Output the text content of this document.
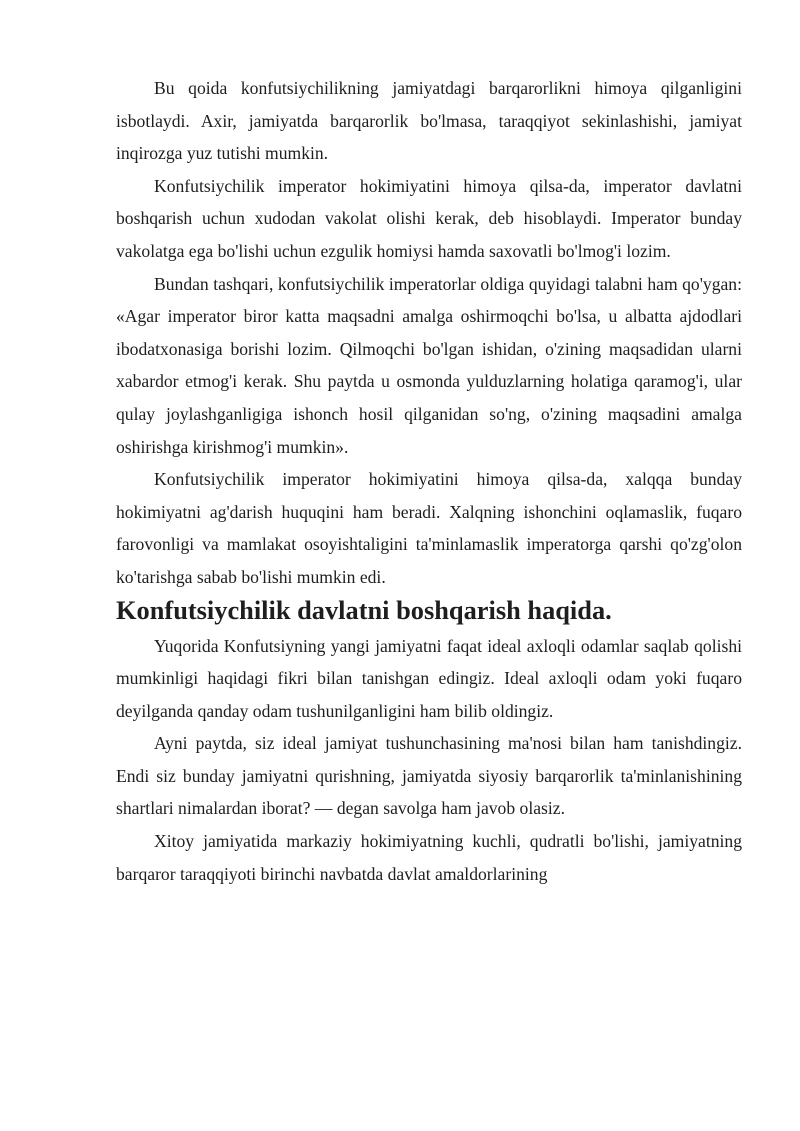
Bu qoida konfutsiychilikning jamiyatdagi barqarorlikni himoya qilganligini isbotlaydi. Axir, jamiyatda barqarorlik bo'lmasa, taraqqiyot sekinlashishi, jamiyat inqirozga yuz tutishi mumkin.

Konfutsiychilik imperator hokimiyatini himoya qilsa-da, imperator davlatni boshqarish uchun xudodan vakolat olishi kerak, deb hisoblaydi. Imperator bunday vakolatga ega bo'lishi uchun ezgulik homiysi hamda saxovatli bo'lmog'i lozim.

Bundan tashqari, konfutsiychilik imperatorlar oldiga quyidagi talabni ham qo'ygan: «Agar imperator biror katta maqsadni amalga oshirmoqchi bo'lsa, u albatta ajdodlari ibodatxonasiga borishi lozim. Qilmoqchi bo'lgan ishidan, o'zining maqsadidan ularni xabardor etmog'i kerak. Shu paytda u osmonda yulduzlarning holatiga qaramog'i, ular qulay joylashganligiga ishonch hosil qilganidan so'ng, o'zining maqsadini amalga oshirishga kirishmog'i mumkin».

Konfutsiychilik imperator hokimiyatini himoya qilsa-da, xalqqa bunday hokimiyatni ag'darish huquqini ham beradi. Xalqning ishonchini oqlamaslik, fuqaro farovonligi va mamlakat osoyishtaligini ta'minlamaslik imperatorga qarshi qo'zg'olon ko'tarishga sabab bo'lishi mumkin edi.

Konfutsiychilik davlatni boshqarish haqida.

Yuqorida Konfutsiyning yangi jamiyatni faqat ideal axloqli odamlar saqlab qolishi mumkinligi haqidagi fikri bilan tanishgan edingiz. Ideal axloqli odam yoki fuqaro deyilganda qanday odam tushunilganligini ham bilib oldingiz.

Ayni paytda, siz ideal jamiyat tushunchasining ma'nosi bilan ham tanishdingiz. Endi siz bunday jamiyatni qurishning, jamiyatda siyosiy barqarorlik ta'minlanishining shartlari nimalardan iborat? — degan savolga ham javob olasiz.

Xitoy jamiyatida markaziy hokimiyatning kuchli, qudratli bo'lishi, jamiyatning barqaror taraqqiyoti birinchi navbatda davlat amaldorlarining
